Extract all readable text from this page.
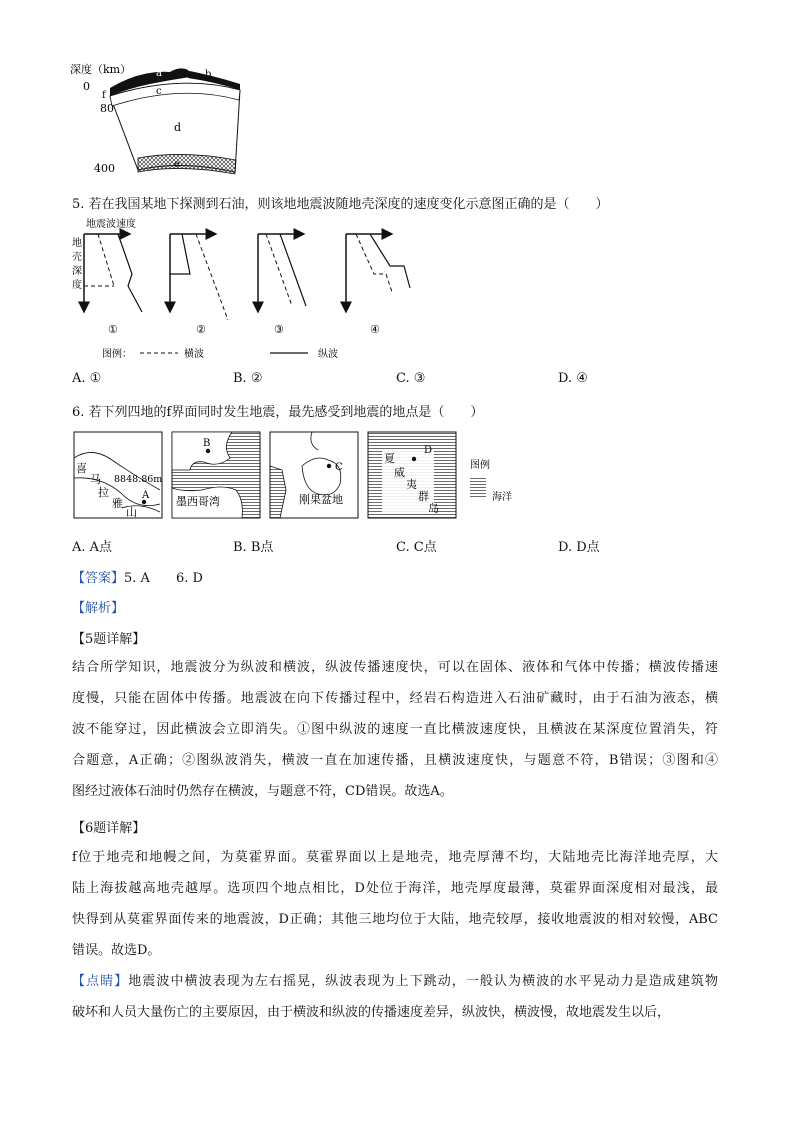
深度（km）
0
f
80
400
a	b
c
d
e
5. 若在我国某地下探测到石油，则该地地震波随地壳深度的速度变化示意图正确的是（　　）
地震波速度
地
壳
深
度
①	②	③	④
图例：	横波	纵波
A. ①	B. ②	C. ③	D. ④
6. 若下列四地的f界面同时发生地震，最先感受到地震的地点是（　　）
喜
马
拉
雅
山
8848.86m
A
B
墨西哥湾
C
刚果盆地
夏
威
夷
群
岛
D
图例
海洋
A. A点	B. B点	C. C点	D. D点
【答案】5. A　　6. D
【解析】
【5题详解】

结合所学知识，地震波分为纵波和横波，纵波传播速度快，可以在固体、液体和气体中传播；横波传播速

度慢，只能在固体中传播。地震波在向下传播过程中，经岩石构造进入石油矿藏时，由于石油为液态，横

波不能穿过，因此横波会立即消失。①图中纵波的速度一直比横波速度快，且横波在某深度位置消失，符

合题意，A正确；②图纵波消失，横波一直在加速传播，且横波速度快，与题意不符，B错误；③图和④

图经过液体石油时仍然存在横波，与题意不符，CD错误。故选A。

【6题详解】

f位于地壳和地幔之间，为莫霍界面。莫霍界面以上是地壳，地壳厚薄不均，大陆地壳比海洋地壳厚，大

陆上海拔越高地壳越厚。选项四个地点相比，D处位于海洋，地壳厚度最薄，莫霍界面深度相对最浅，最

快得到从莫霍界面传来的地震波，D正确；其他三地均位于大陆，地壳较厚，接收地震波的相对较慢，ABC

错误。故选D。

【点睛】地震波中横波表现为左右摇晃，纵波表现为上下跳动，一般认为横波的水平晃动力是造成建筑物

破坏和人员大量伤亡的主要原因，由于横波和纵波的传播速度差异，纵波快，横波慢，故地震发生以后，
